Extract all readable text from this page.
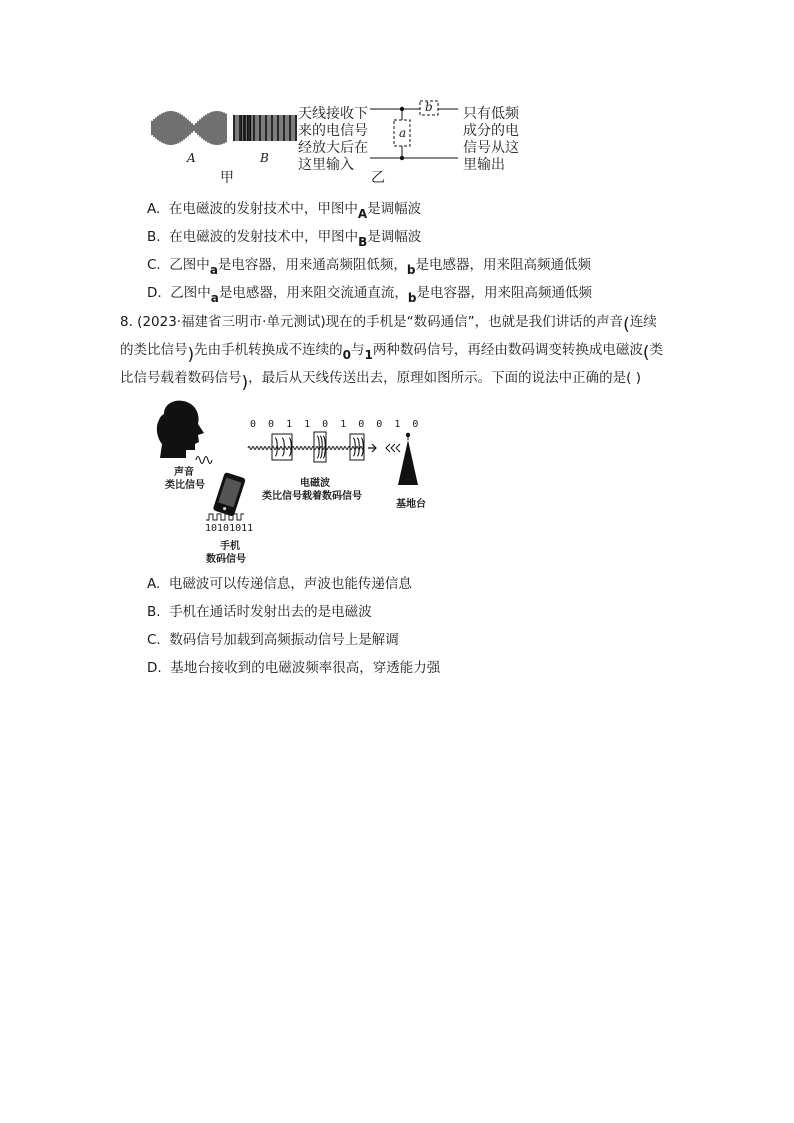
A	B
甲
天线接收下
来的电信号
经放大后在
这里输入
a
b
乙
只有低频
成分的电
信号从这
里输出
A. 在电磁波的发射技术中，甲图中A是调幅波
B. 在电磁波的发射技术中，甲图中B是调幅波
C. 乙图中a是电容器，用来通高频阻低频，b是电感器，用来阻高频通低频
D. 乙图中a是电感器，用来阻交流通直流，b是电容器，用来阻高频通低频
8. (2023·福建省三明市·单元测试)现在的手机是“数码通信”，也就是我们讲话的声音(连续
的类比信号)先由手机转换成不连续的0与1两种数码信号，再经由数码调变转换成电磁波(类
比信号载着数码信号)，最后从天线传送出去，原理如图所示。下面的说法中正确的是( )
0 0 1 1 0 1 0 0 1 0
声音
类比信号
10101011
手机
数码信号
电磁波
类比信号载着数码信号
基地台
A. 电磁波可以传递信息，声波也能传递信息
B. 手机在通话时发射出去的是电磁波
C. 数码信号加载到高频振动信号上是解调
D. 基地台接收到的电磁波频率很高，穿透能力强
